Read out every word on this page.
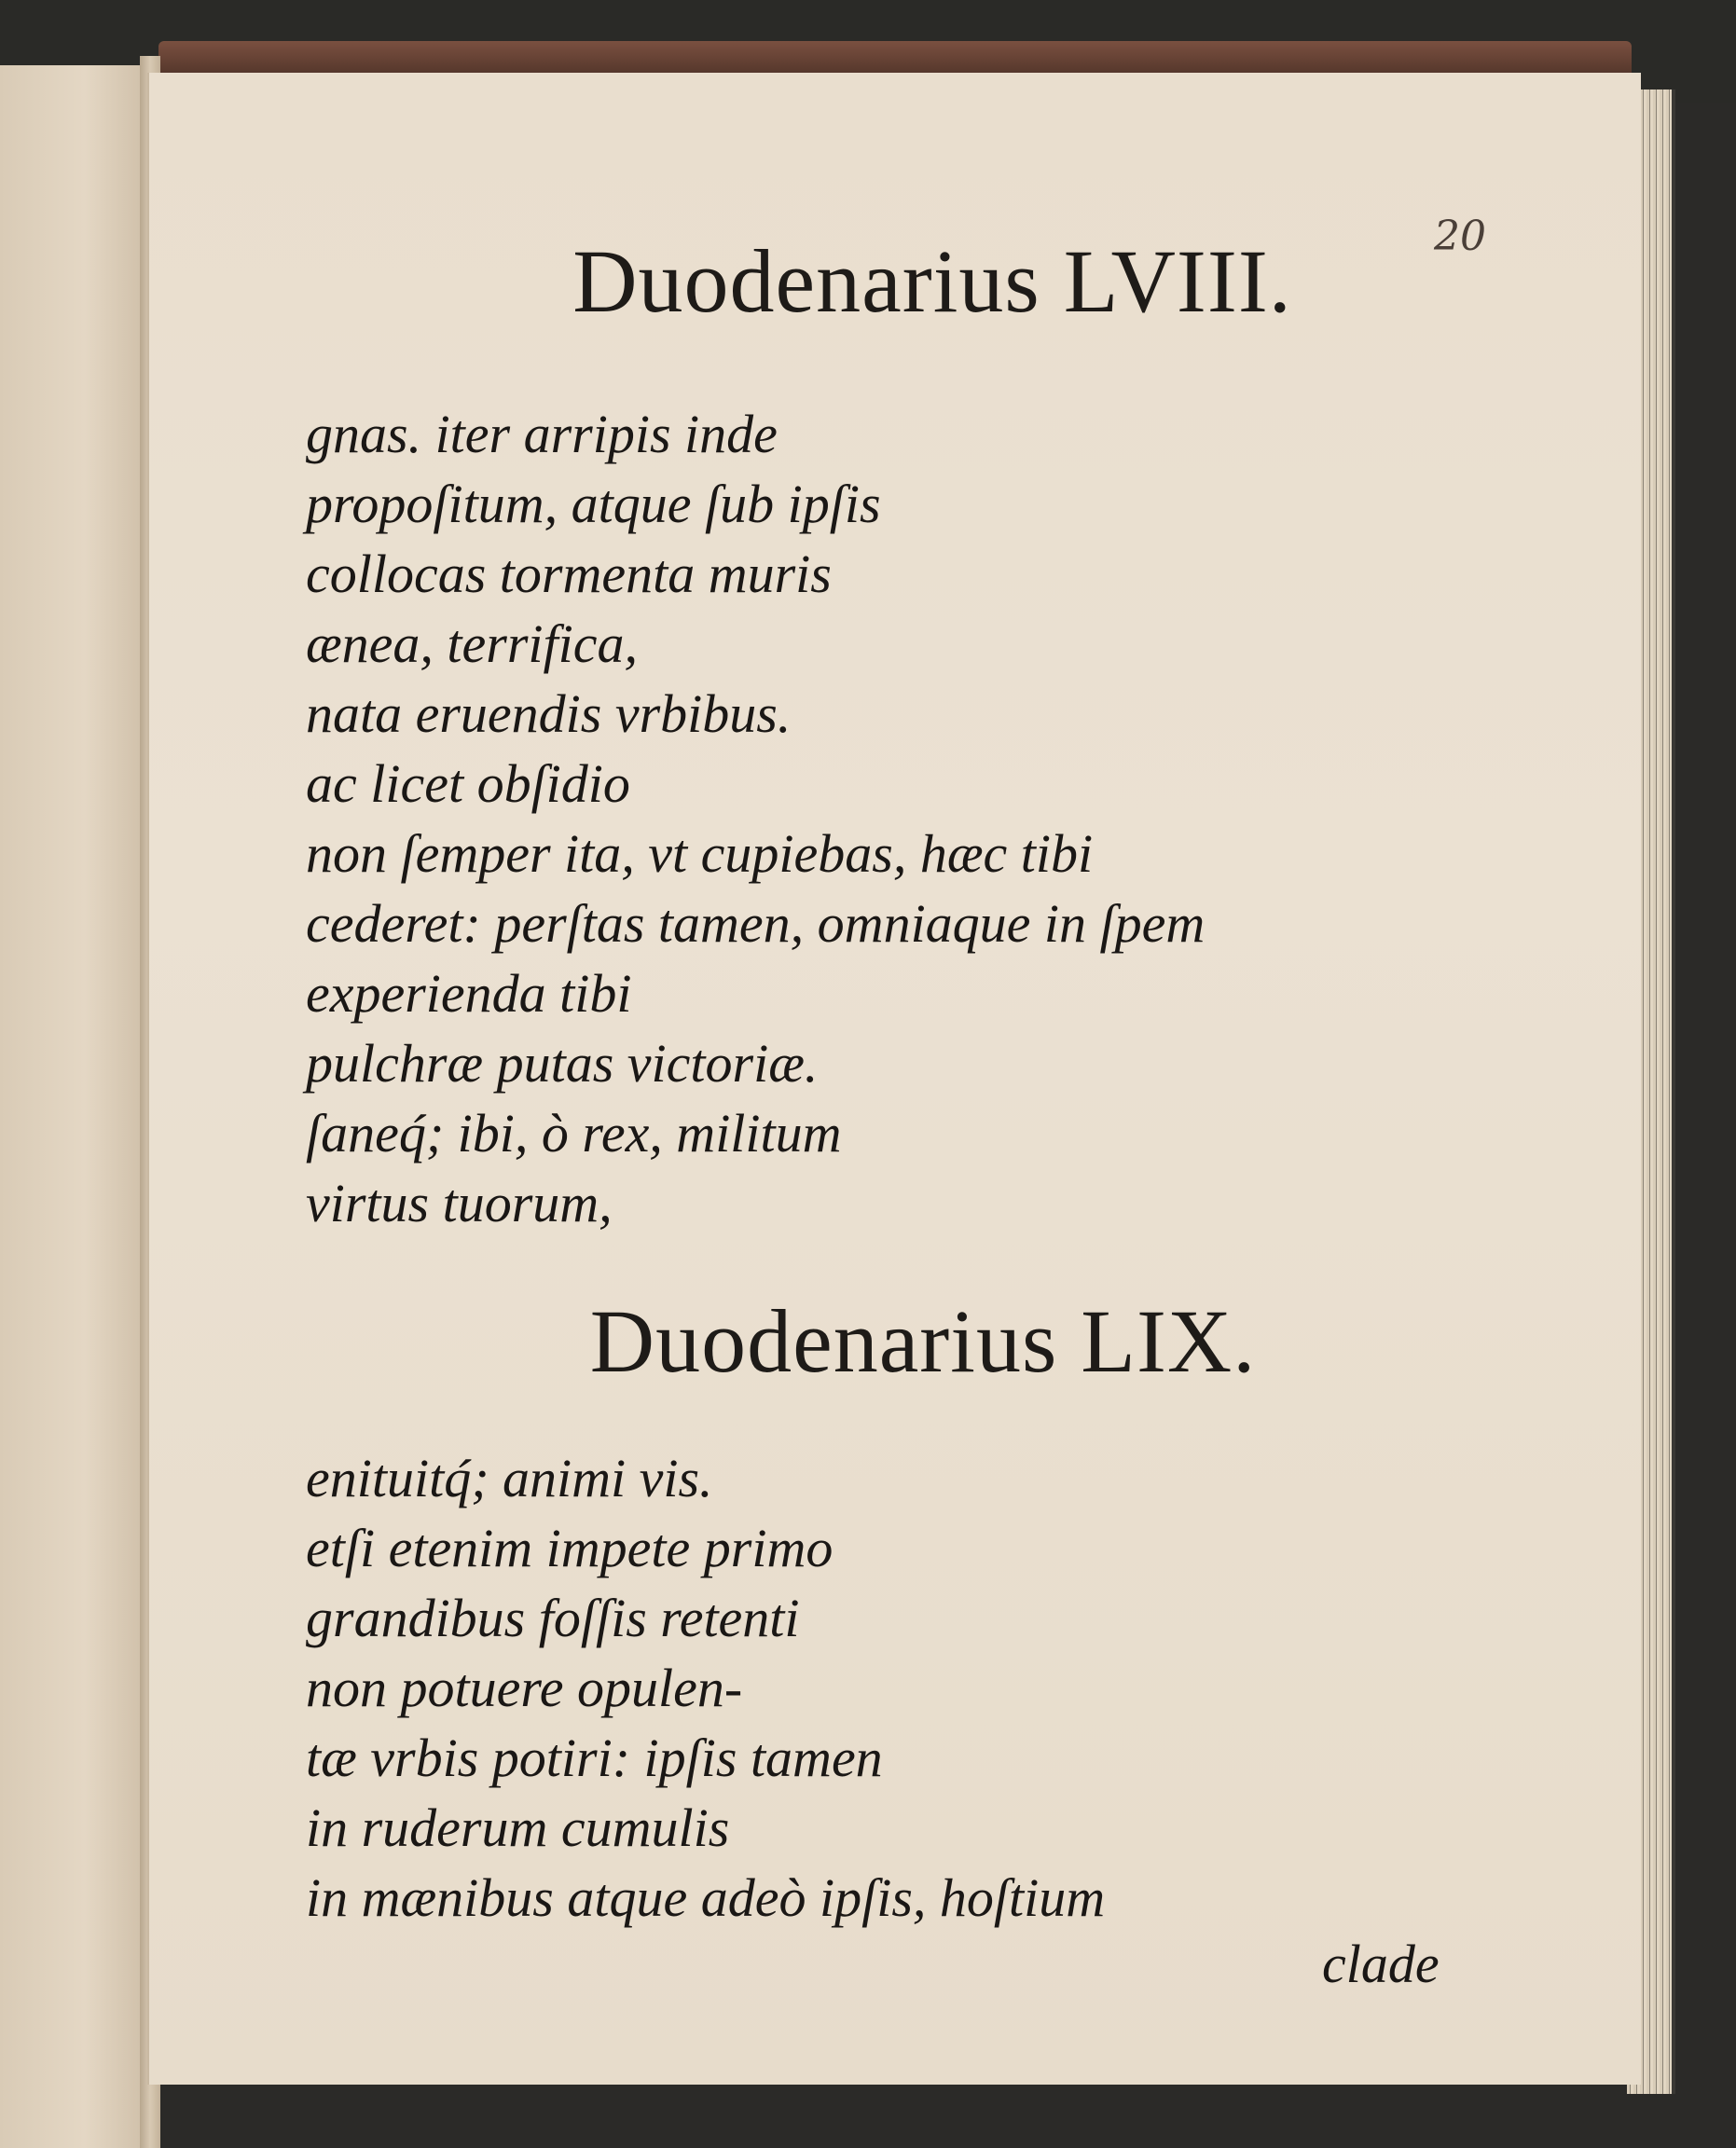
Duodenarius LVIII.	20
gnas. iter arripis inde
propoſitum, atque ſub ipſis
collocas tormenta muris
ænea, terrifica,
nata eruendis vrbibus.
ac licet obſidio
non ſemper ita, vt cupiebas, hæc tibi
cederet: perſtas tamen, omniaque in ſpem
experienda tibi
pulchræ putas victoriæ.
ſaneq́; ibi, ò rex, militum
virtus tuorum,
Duodenarius LIX.
enituitq́; animi vis.
etſi etenim impete primo
grandibus foſſis retenti
non potuere opulen-
tæ vrbis potiri: ipſis tamen
in ruderum cumulis
in mænibus atque adeò ipſis, hoſtium
clade
